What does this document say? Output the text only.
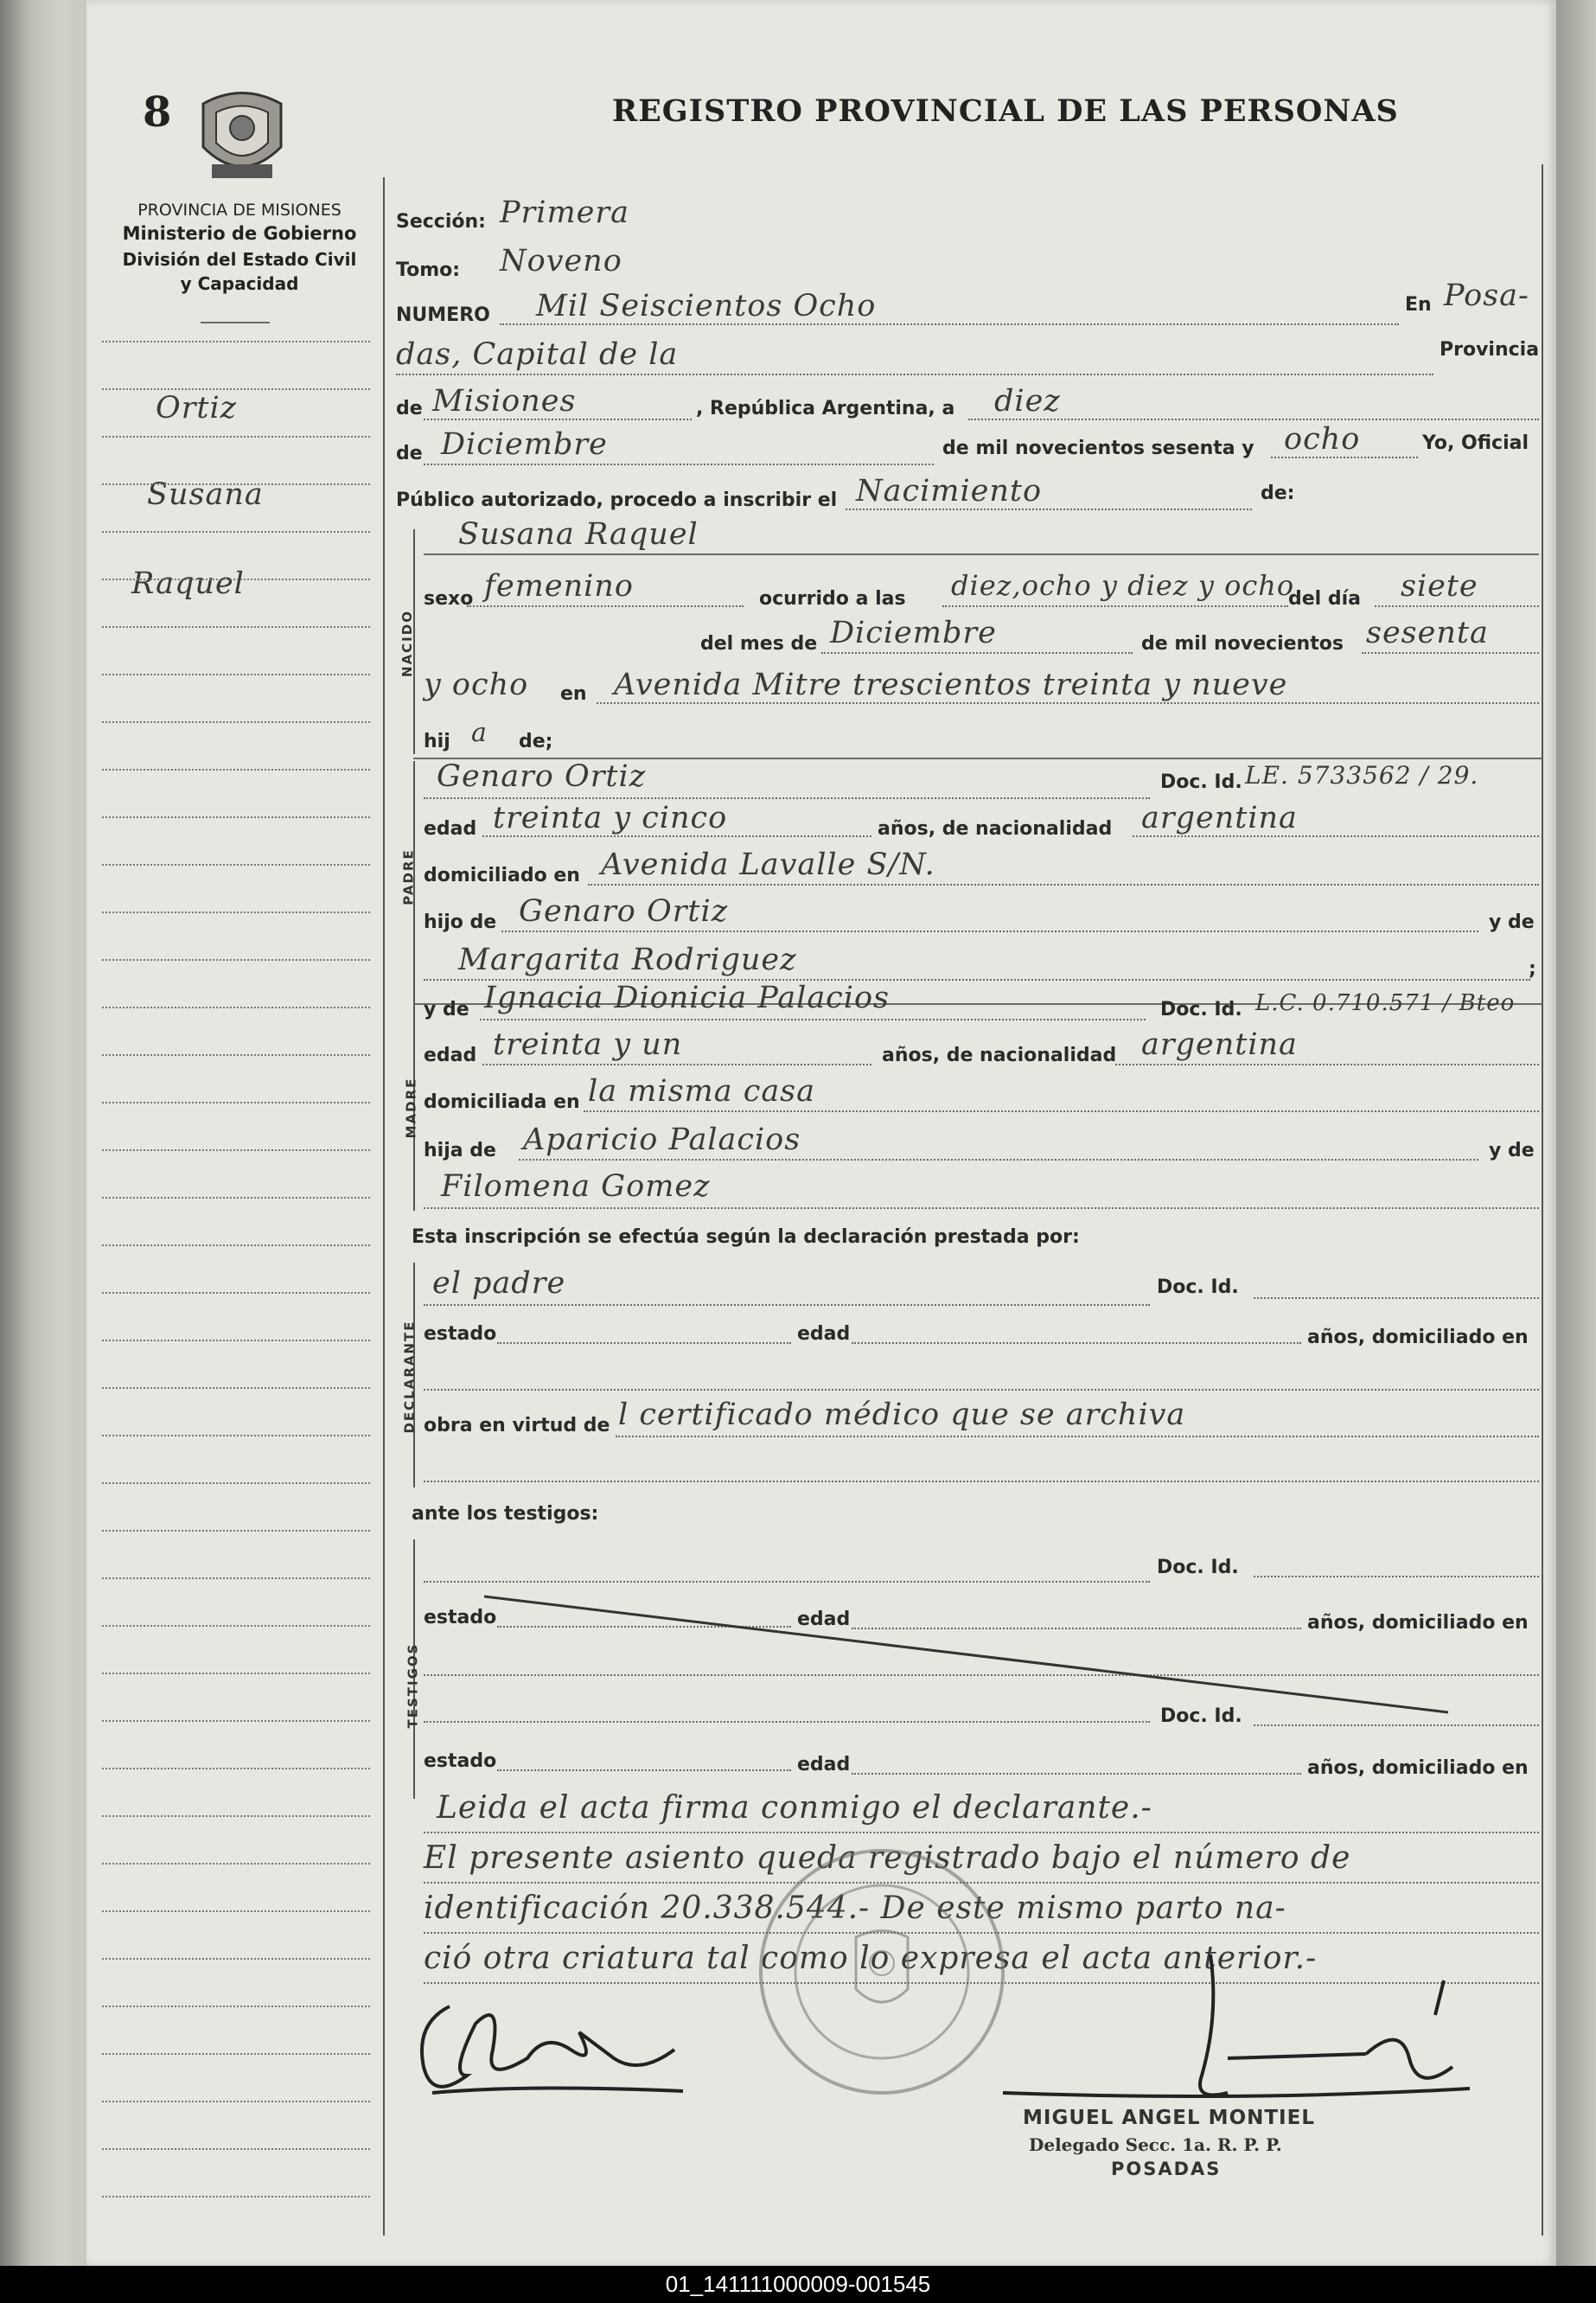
8	REGISTRO PROVINCIAL DE LAS PERSONAS
PROVINCIA DE MISIONES
Ministerio de Gobierno
División del Estado Civil
y Capacidad
Ortiz
Susana
Raquel
Sección: Primera
Tomo: Noveno
NUMERO Mil Seiscientos Ocho	En Posa-
das, Capital de la	Provincia
de Misiones	, República Argentina, a diez
de Diciembre	de mil novecientos sesenta y ocho	Yo, Oficial
Público autorizado, procedo a inscribir el Nacimiento	de:
NACIDO
Susana Raquel
sexo femenino	ocurrido a las diez,ocho y diez y ocho
del día siete
del mes de Diciembre	de mil novecientos sesenta
y ocho en Avenida Mitre trescientos treinta y nueve
hij a de;
PADRE
Genaro Ortiz	Doc. Id. LE. 5733562 / 29.
edad treinta y cinco	años, de nacionalidad argentina
domiciliado en Avenida Lavalle S/N.
hijo de Genaro Ortiz	y de
Margarita Rodriguez	;
MADRE
y de Ignacia Dionicia Palacios	Doc. Id. L.C. 0.710.571 / Bteo
edad treinta y un	años, de nacionalidad argentina
domiciliada en la misma casa
hija de Aparicio Palacios	y de
Filomena Gomez
Esta inscripción se efectúa según la declaración prestada por:
DECLARANTE
el padre	Doc. Id.
estado	edad	años, domiciliado en
obra en virtud de l certificado médico que se archiva
ante los testigos:
TESTIGOS
Doc. Id.
estado	edad	años, domiciliado en
Doc. Id.
estado	edad	años, domiciliado en
Leida el acta firma conmigo el declarante.-
El presente asiento queda registrado bajo el número de
identificación 20.338.544.- De este mismo parto na-
ció otra criatura tal como lo expresa el acta anterior.-
MIGUEL ANGEL MONTIEL
Delegado Secc. 1a. R. P. P.
POSADAS
01_141111000009-001545
